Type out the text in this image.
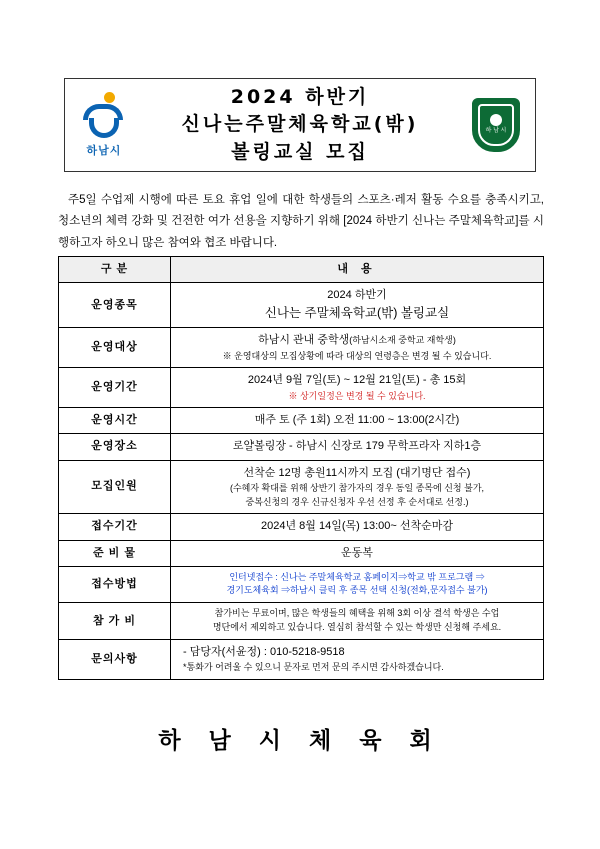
하남시
2024 하반기
신나는주말체육학교(밖)
볼링교실 모집
하 남 시

주5일 수업제 시행에 따른 토요 휴업 일에 대한 학생들의 스포츠·레저 활동 수요를 충족시키고, 청소년의 체력 강화 및 건전한 여가 선용을 지향하기 위해 [2024 하반기 신나는 주말체육학교]를 시행하고자 하오니 많은 참여와 협조 바랍니다.

구 분	내 용
운영종목	2024 하반기
신나는 주말체육학교(밖) 볼링교실

운영대상	하남시 관내 중학생(하남시소재 중학교 재학생)
※ 운영대상의 모집상황에 따라 대상의 연령층은 변경 될 수 있습니다.

운영기간	2024년 9월 7일(토) ~ 12월 21일(토) - 총 15회
※ 상기일정은 변경 될 수 있습니다.

운영시간	매주 토 (주 1회) 오전 11:00 ~ 13:00(2시간)

운영장소	로얄볼링장 - 하남시 신장로 179 무학프라자 지하1층

모집인원	선착순 12명 총원11시까지 모집 (대기명단 접수)
(수혜자 확대를 위해 상반기 참가자의 경우 동일 종목에 신청 불가,
중복신청의 경우 신규신청자 우선 선정 후 순서대로 선정.)

접수기간	2024년 8월 14일(목) 13:00~ 선착순마감

준 비 물	운동복

접수방법	인터넷접수 : 신나는 주말체육학교 홈페이지⇒학교 밖 프로그램 ⇒
경기도체육회 ⇒하남시 클릭 후 종목 선택 신청(전화,문자접수 불가)

참 가 비	참가비는 무료이며, 많은 학생들의 혜택을 위해 3회 이상 결석 학생은 수업
명단에서 제외하고 있습니다. 열심히 참석할 수 있는 학생만 신청해 주세요.

문의사항	- 담당자(서윤정) : 010-5218-9518
*통화가 어려울 수 있으니 문자로 먼저 문의 주시면 감사하겠습니다.
하 남 시 체 육 회
